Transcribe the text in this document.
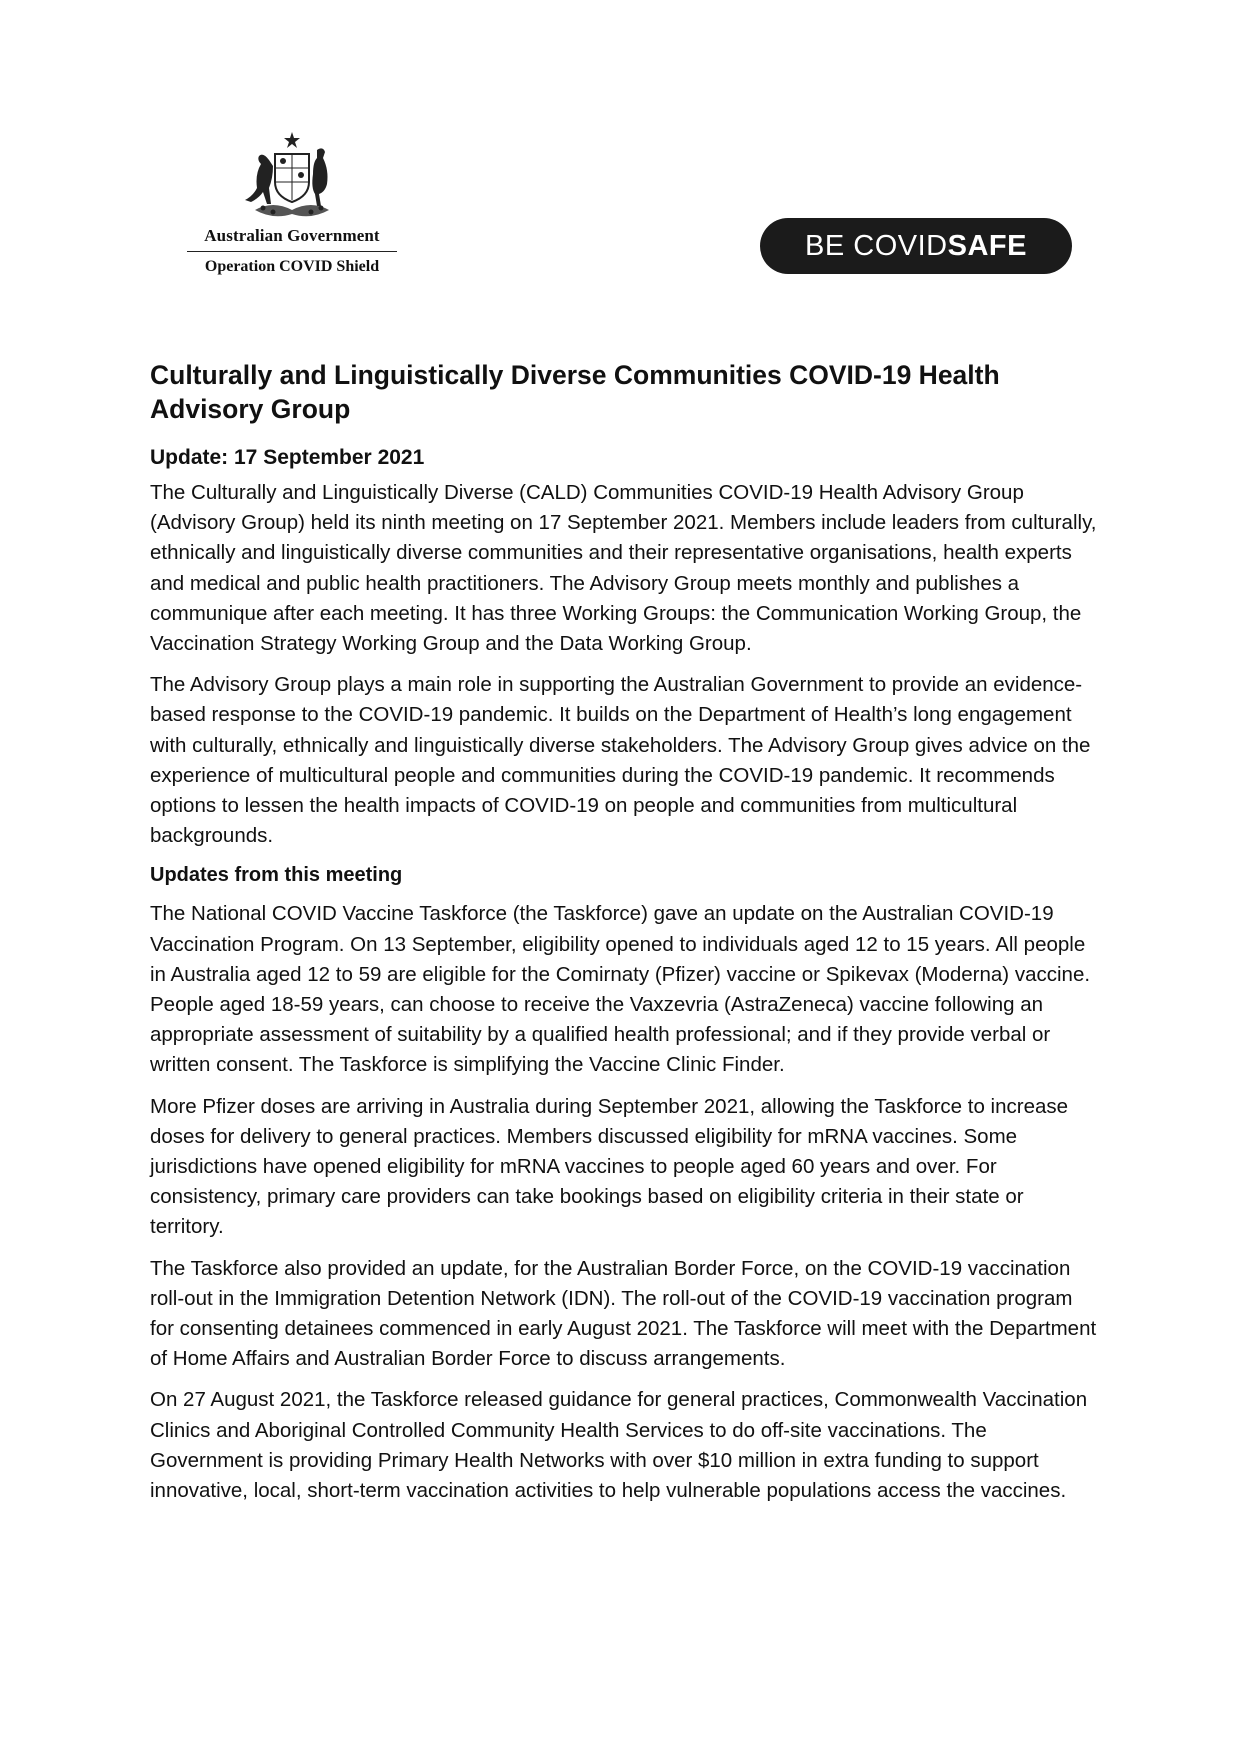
Australian Government
Operation COVID Shield
BE COVIDSAFE
Culturally and Linguistically Diverse Communities COVID-19 Health Advisory Group
Update: 17 September 2021

The Culturally and Linguistically Diverse (CALD) Communities COVID-19 Health Advisory Group (Advisory Group) held its ninth meeting on 17 September 2021. Members include leaders from culturally, ethnically and linguistically diverse communities and their representative organisations, health experts and medical and public health practitioners. The Advisory Group meets monthly and publishes a communique after each meeting. It has three Working Groups: the Communication Working Group, the Vaccination Strategy Working Group and the Data Working Group.

The Advisory Group plays a main role in supporting the Australian Government to provide an evidence-based response to the COVID-19 pandemic. It builds on the Department of Health’s long engagement with culturally, ethnically and linguistically diverse stakeholders. The Advisory Group gives advice on the experience of multicultural people and communities during the COVID-19 pandemic. It recommends options to lessen the health impacts of COVID-19 on people and communities from multicultural backgrounds.

Updates from this meeting

The National COVID Vaccine Taskforce (the Taskforce) gave an update on the Australian COVID-19 Vaccination Program. On 13 September, eligibility opened to individuals aged 12 to 15 years. All people in Australia aged 12 to 59 are eligible for the Comirnaty (Pfizer) vaccine or Spikevax (Moderna) vaccine. People aged 18-59 years, can choose to receive the Vaxzevria (AstraZeneca) vaccine following an appropriate assessment of suitability by a qualified health professional; and if they provide verbal or written consent. The Taskforce is simplifying the Vaccine Clinic Finder.

More Pfizer doses are arriving in Australia during September 2021, allowing the Taskforce to increase doses for delivery to general practices. Members discussed eligibility for mRNA vaccines. Some jurisdictions have opened eligibility for mRNA vaccines to people aged 60 years and over. For consistency, primary care providers can take bookings based on eligibility criteria in their state or territory.

The Taskforce also provided an update, for the Australian Border Force, on the COVID-19 vaccination roll-out in the Immigration Detention Network (IDN). The roll-out of the COVID-19 vaccination program for consenting detainees commenced in early August 2021. The Taskforce will meet with the Department of Home Affairs and Australian Border Force to discuss arrangements.

On 27 August 2021, the Taskforce released guidance for general practices, Commonwealth Vaccination Clinics and Aboriginal Controlled Community Health Services to do off-site vaccinations. The Government is providing Primary Health Networks with over $10 million in extra funding to support innovative, local, short-term vaccination activities to help vulnerable populations access the vaccines.
